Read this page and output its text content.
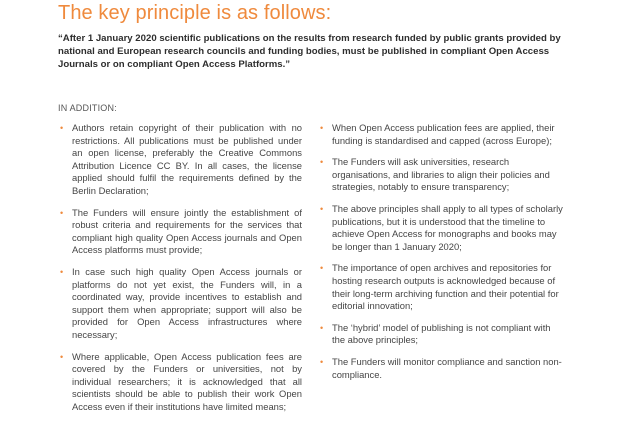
The key principle is as follows:

“After 1 January 2020 scientific publications on the results from research funded by public grants provided by national and European research councils and funding bodies, must be published in compliant Open Access Journals or on compliant Open Access Platforms.”

IN ADDITION:
• Authors retain copyright of their publication with no restrictions. All publications must be published under an open license, preferably the Creative Commons Attribution Licence CC BY. In all cases, the license applied should fulfil the requirements defined by the Berlin Declaration;
• The Funders will ensure jointly the establishment of robust criteria and requirements for the services that compliant high quality Open Access journals and Open Access platforms must provide;
• In case such high quality Open Access journals or platforms do not yet exist, the Funders will, in a coordinated way, provide incentives to establish and support them when appropriate; support will also be provided for Open Access infrastructures where necessary;
• Where applicable, Open Access publication fees are covered by the Funders or universities, not by individual researchers; it is acknowledged that all scientists should be able to publish their work Open Access even if their institutions have limited means;
• When Open Access publication fees are applied, their funding is standardised and capped (across Europe);
• The Funders will ask universities, research organisations, and libraries to align their policies and strategies, notably to ensure transparency;
• The above principles shall apply to all types of scholarly publications, but it is understood that the timeline to achieve Open Access for monographs and books may be longer than 1 January 2020;
• The importance of open archives and repositories for hosting research outputs is acknowledged because of their long-term archiving function and their potential for editorial innovation;
• The ‘hybrid’ model of publishing is not compliant with the above principles;
• The Funders will monitor compliance and sanction non-compliance.
